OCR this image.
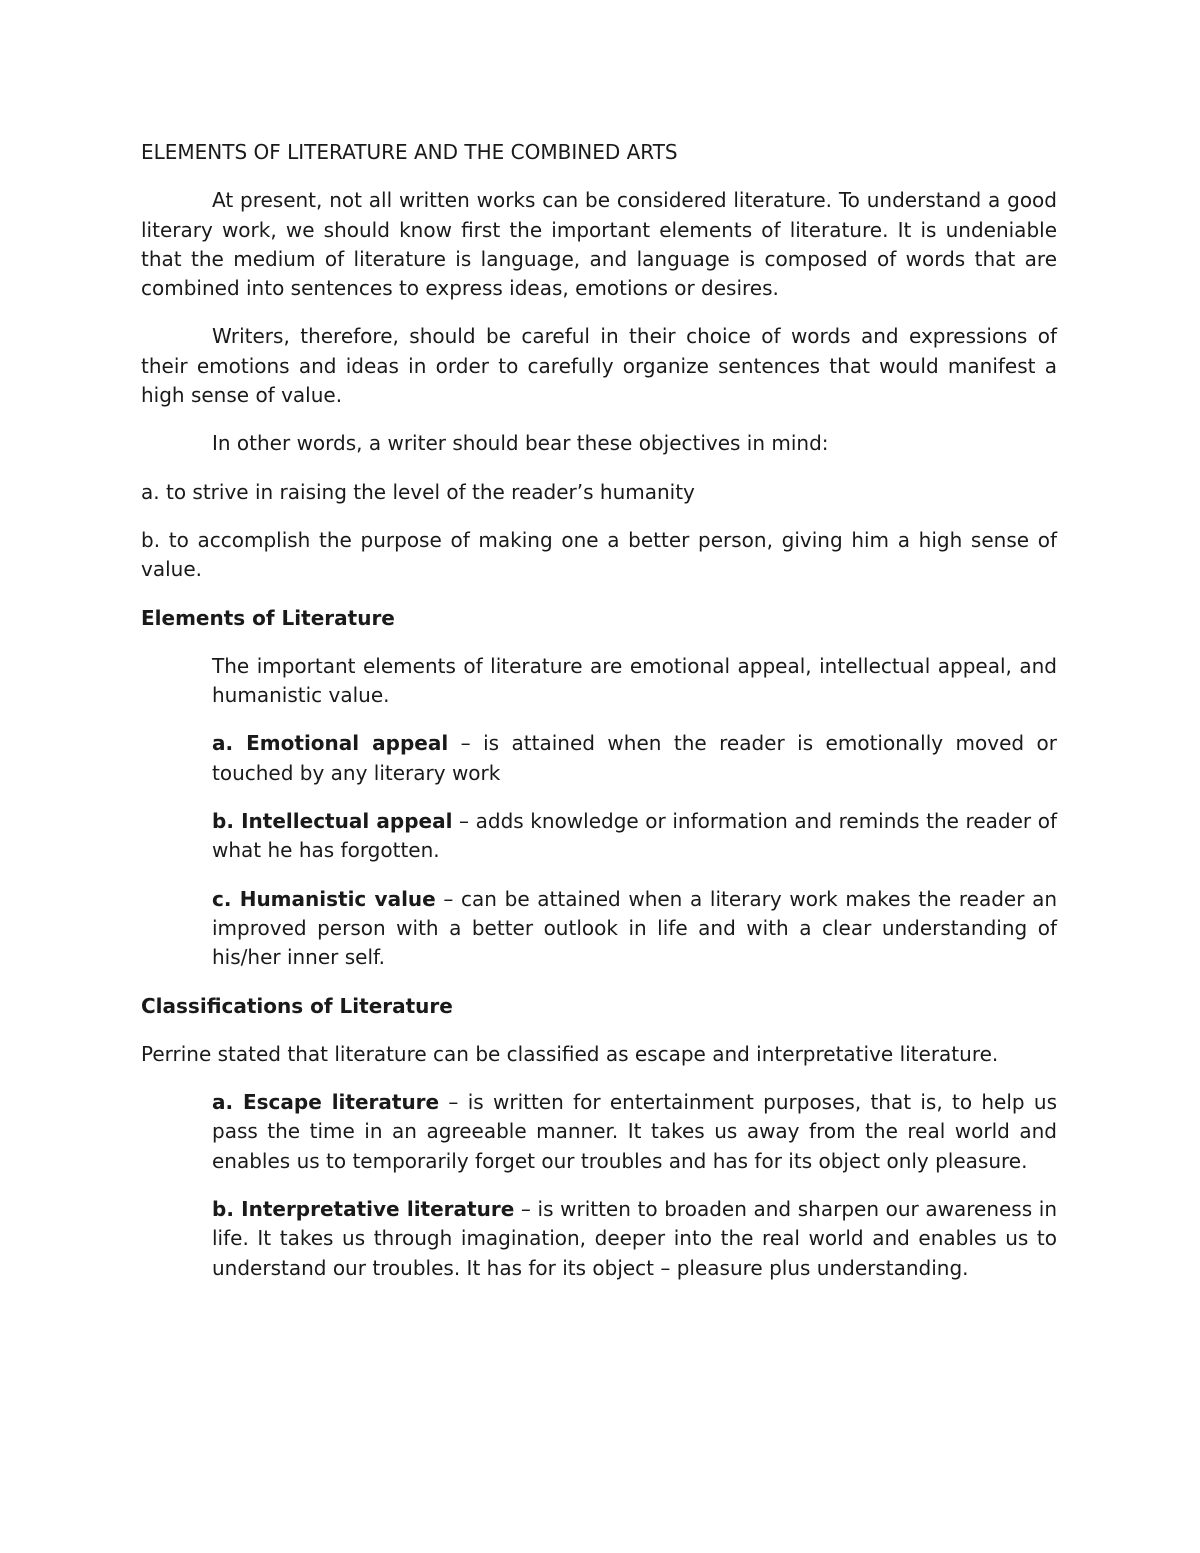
ELEMENTS OF LITERATURE AND THE COMBINED ARTS

At present, not all written works can be considered literature. To understand a good literary work, we should know first the important elements of literature. It is undeniable that the medium of literature is language, and language is composed of words that are combined into sentences to express ideas, emotions or desires.

Writers, therefore, should be careful in their choice of words and expressions of their emotions and ideas in order to carefully organize sentences that would manifest a high sense of value.

In other words, a writer should bear these objectives in mind:

a. to strive in raising the level of the reader’s humanity

b. to accomplish the purpose of making one a better person, giving him a high sense of value.

Elements of Literature

The important elements of literature are emotional appeal, intellectual appeal, and humanistic value.

a. Emotional appeal – is attained when the reader is emotionally moved or touched by any literary work

b. Intellectual appeal – adds knowledge or information and reminds the reader of what he has forgotten.

c. Humanistic value – can be attained when a literary work makes the reader an improved person with a better outlook in life and with a clear understanding of his/her inner self.

Classifications of Literature

Perrine stated that literature can be classified as escape and interpretative literature.

a. Escape literature – is written for entertainment purposes, that is, to help us pass the time in an agreeable manner. It takes us away from the real world and enables us to temporarily forget our troubles and has for its object only pleasure.

b. Interpretative literature – is written to broaden and sharpen our awareness in life. It takes us through imagination, deeper into the real world and enables us to understand our troubles. It has for its object – pleasure plus understanding.
